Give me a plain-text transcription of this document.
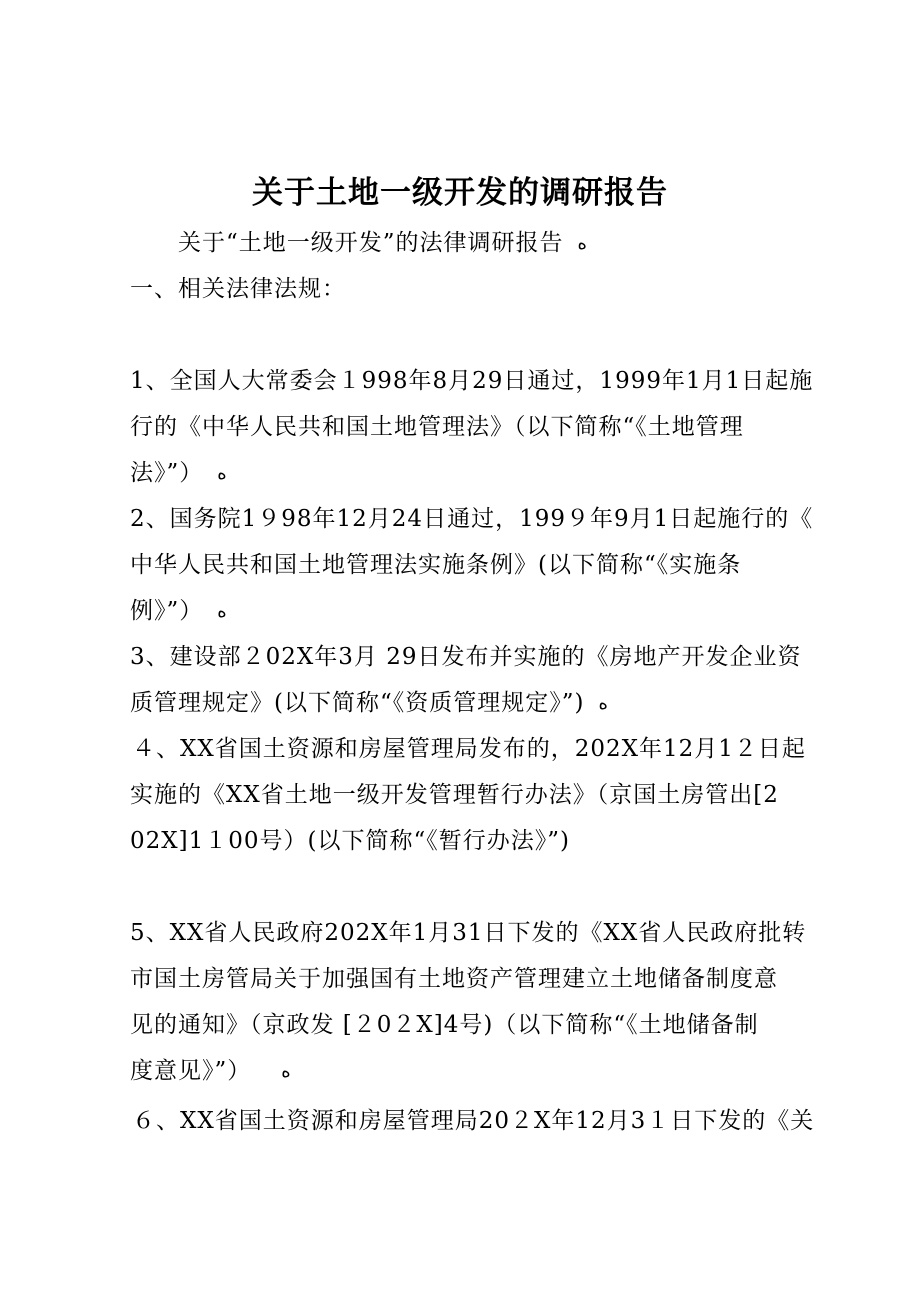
关于土地一级开发的调研报告
关于“土地一级开发”的法律调研报告 ﻩ
一、相关法律法规：
1、全国人大常委会１998年8月29日通过，1999年1月1日起施
行的《中华人民共和国土地管理法》（以下简称“《土地管理
法》”） ﻩ
2、国务院1９98年12月24日通过，199９年9月1日起施行的《
中华人民共和国土地管理法实施条例》(以下简称“《实施条
例》”） ﻩ
3、建设部２02X年3月 29日发布并实施的《房地产开发企业资
质管理规定》(以下简称“《资质管理规定》”) ﻩ
４、XX省国土资源和房屋管理局发布的，202X年12月1２日起
实施的《XX省土地一级开发管理暂行办法》（京国土房管出[2
02X]1１00号）(以下简称“《暂行办法》”)
5、XX省人民政府202X年1月31日下发的《XX省人民政府批转
市国土房管局关于加强国有土地资产管理建立土地储备制度意
见的通知》（京政发 [２0２X]4号)（以下简称“《土地储备制
度意见》”） ﻩ
６、XX省国土资源和房屋管理局20２X年12月3１日下发的《关
